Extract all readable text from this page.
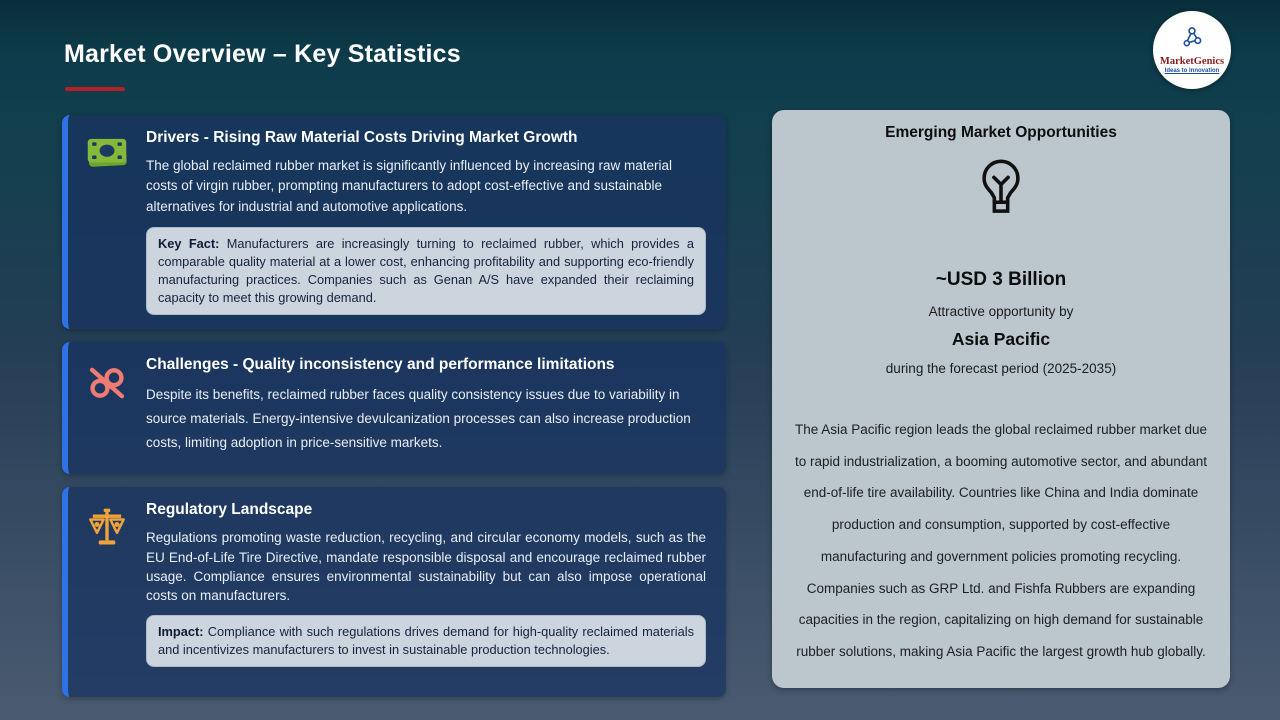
Market Overview – Key Statistics	MarketGenics
Ideas to Innovation
Drivers - Rising Raw Material Costs Driving Market Growth
The global reclaimed rubber market is significantly influenced by increasing raw material costs of virgin rubber, prompting manufacturers to adopt cost-effective and sustainable alternatives for industrial and automotive applications.
Key Fact: Manufacturers are increasingly turning to reclaimed rubber, which provides a comparable quality material at a lower cost, enhancing profitability and supporting eco-friendly manufacturing practices. Companies such as Genan A/S have expanded their reclaiming capacity to meet this growing demand.
Challenges - Quality inconsistency and performance limitations
Despite its benefits, reclaimed rubber faces quality consistency issues due to variability in source materials. Energy-intensive devulcanization processes can also increase production costs, limiting adoption in price-sensitive markets.
Regulatory Landscape
Regulations promoting waste reduction, recycling, and circular economy models, such as the EU End-of-Life Tire Directive, mandate responsible disposal and encourage reclaimed rubber usage. Compliance ensures environmental sustainability but can also impose operational costs on manufacturers.
Impact: Compliance with such regulations drives demand for high-quality reclaimed materials and incentivizes manufacturers to invest in sustainable production technologies.
Emerging Market Opportunities
~USD 3 Billion
Attractive opportunity by
Asia Pacific
during the forecast period (2025-2035)
The Asia Pacific region leads the global reclaimed rubber market due to rapid industrialization, a booming automotive sector, and abundant end-of-life tire availability. Countries like China and India dominate production and consumption, supported by cost-effective manufacturing and government policies promoting recycling. Companies such as GRP Ltd. and Fishfa Rubbers are expanding capacities in the region, capitalizing on high demand for sustainable rubber solutions, making Asia Pacific the largest growth hub globally.
